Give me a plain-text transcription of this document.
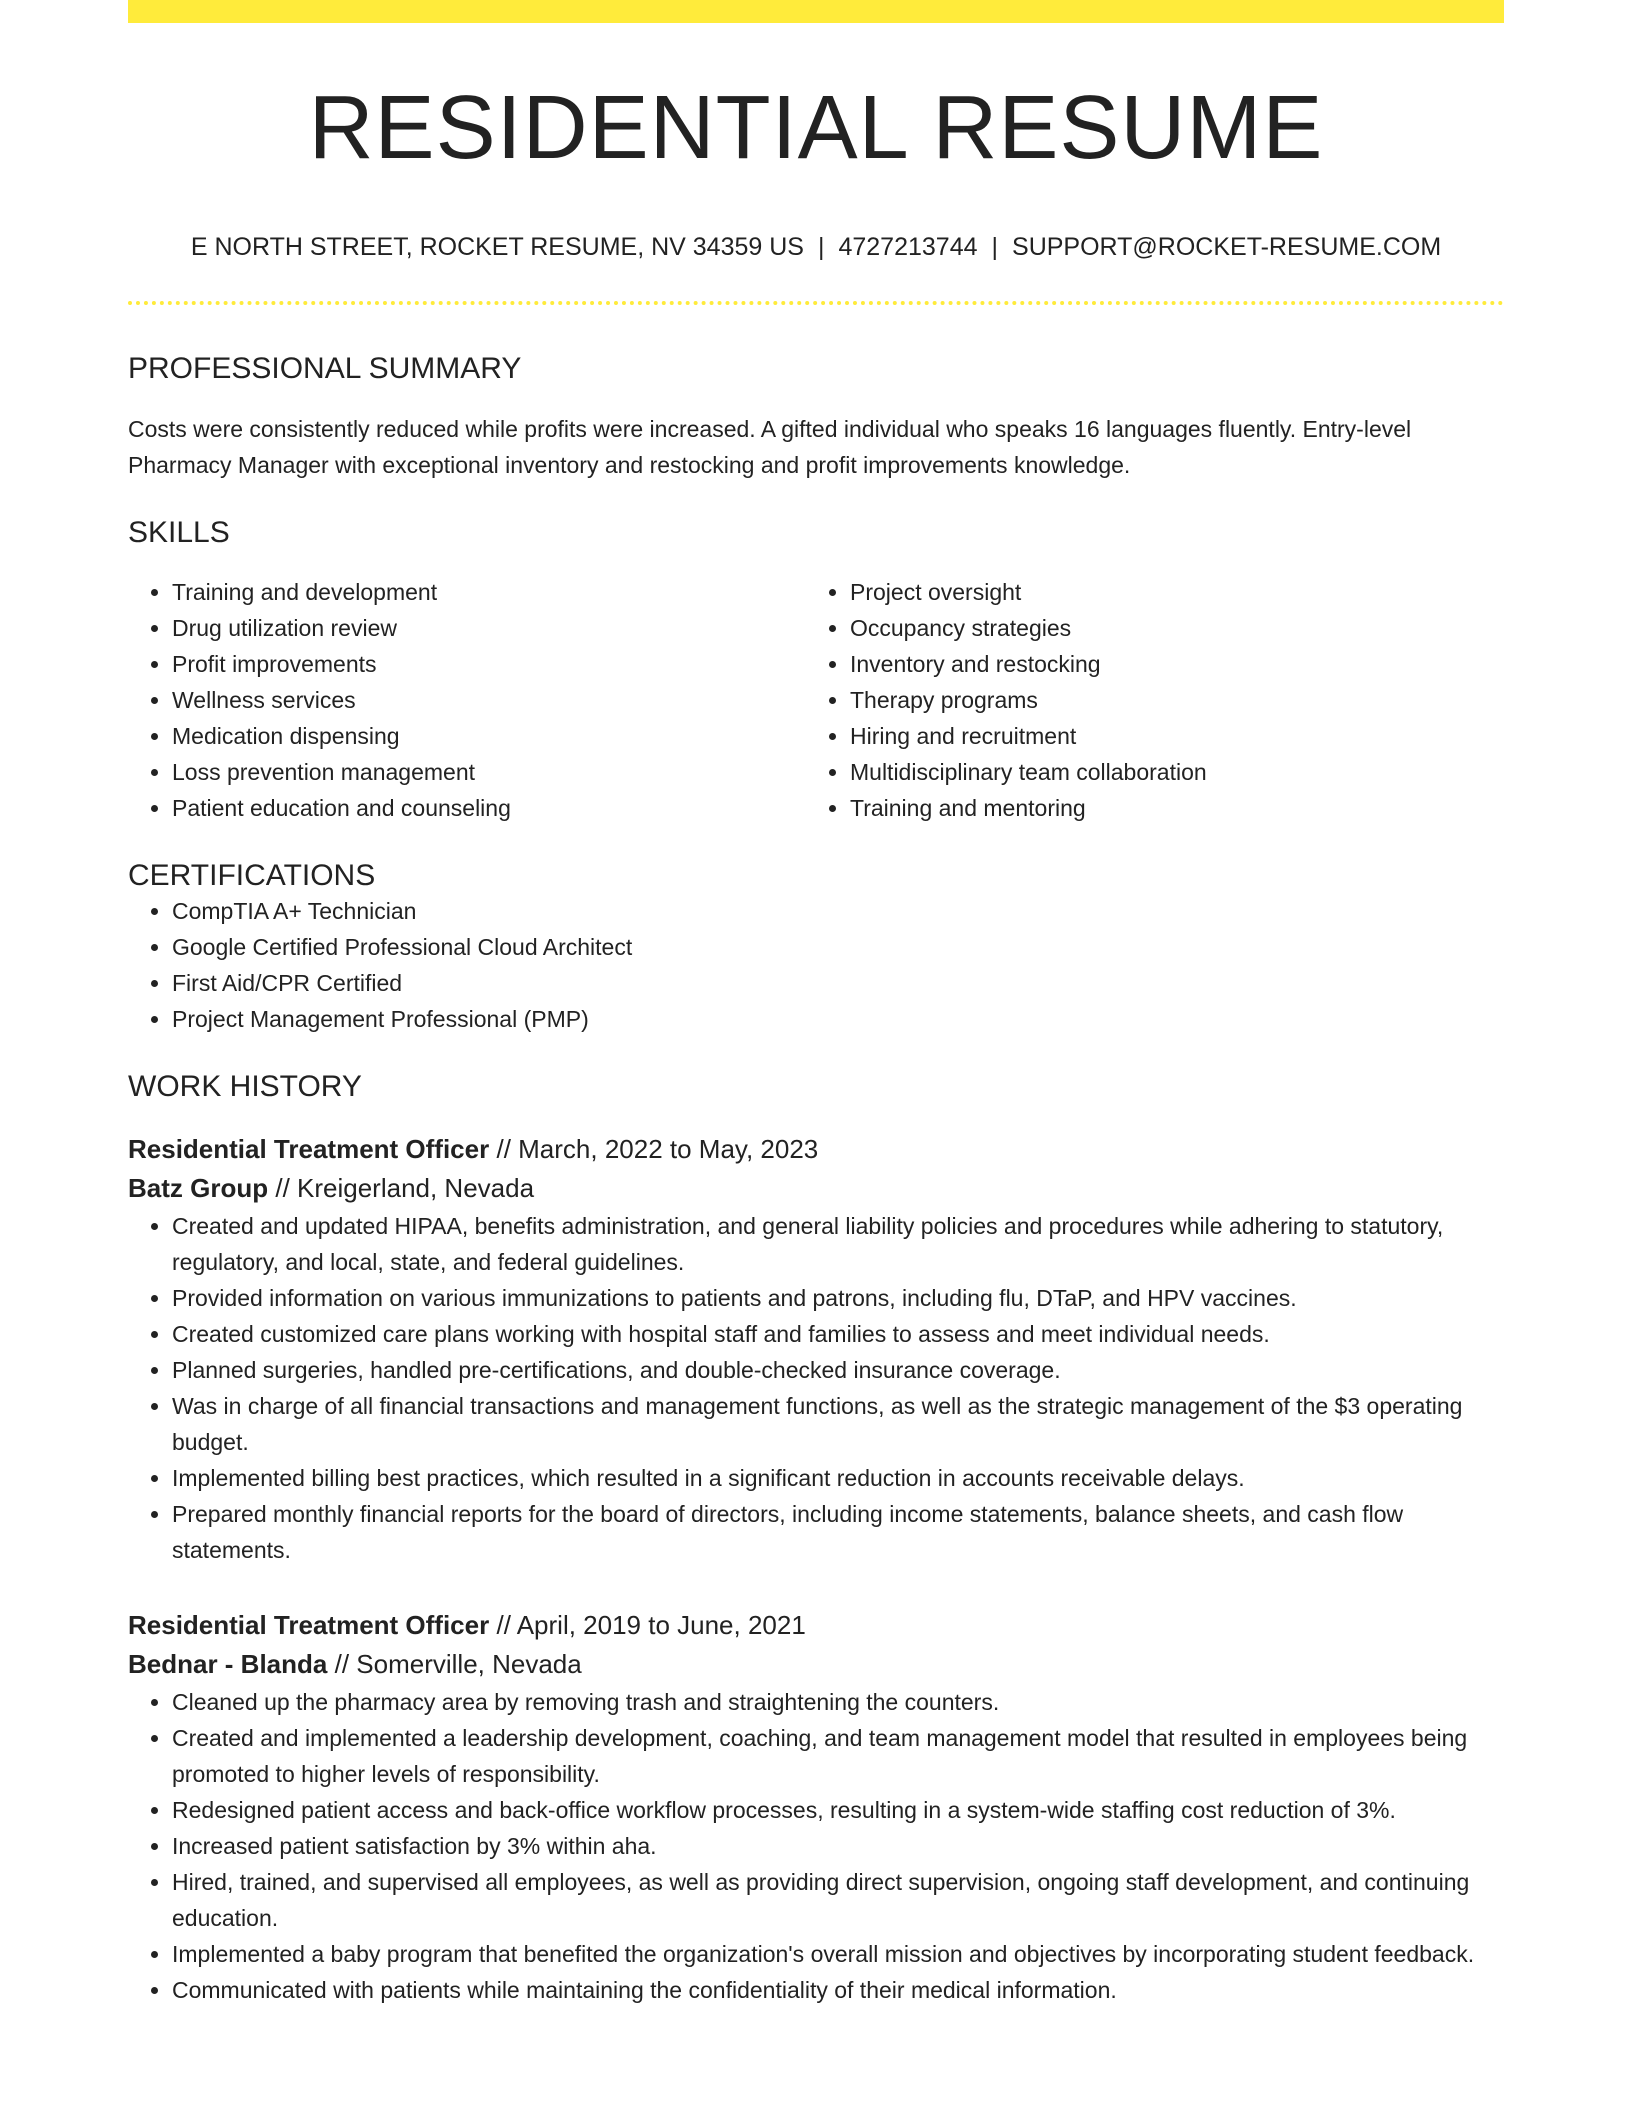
RESIDENTIAL RESUME
E NORTH STREET, ROCKET RESUME, NV 34359 US | 4727213744 | SUPPORT@ROCKET-RESUME.COM
PROFESSIONAL SUMMARY
Costs were consistently reduced while profits were increased. A gifted individual who speaks 16 languages fluently. Entry-level Pharmacy Manager with exceptional inventory and restocking and profit improvements knowledge.
SKILLS
• Training and development
• Drug utilization review
• Profit improvements
• Wellness services
• Medication dispensing
• Loss prevention management
• Patient education and counseling
• Project oversight
• Occupancy strategies
• Inventory and restocking
• Therapy programs
• Hiring and recruitment
• Multidisciplinary team collaboration
• Training and mentoring
CERTIFICATIONS
• CompTIA A+ Technician
• Google Certified Professional Cloud Architect
• First Aid/CPR Certified
• Project Management Professional (PMP)
WORK HISTORY
Residential Treatment Officer // March, 2022 to May, 2023
Batz Group // Kreigerland, Nevada
• Created and updated HIPAA, benefits administration, and general liability policies and procedures while adhering to statutory, regulatory, and local, state, and federal guidelines.
• Provided information on various immunizations to patients and patrons, including flu, DTaP, and HPV vaccines.
• Created customized care plans working with hospital staff and families to assess and meet individual needs.
• Planned surgeries, handled pre-certifications, and double-checked insurance coverage.
• Was in charge of all financial transactions and management functions, as well as the strategic management of the $3 operating budget.
• Implemented billing best practices, which resulted in a significant reduction in accounts receivable delays.
• Prepared monthly financial reports for the board of directors, including income statements, balance sheets, and cash flow statements.
Residential Treatment Officer // April, 2019 to June, 2021
Bednar - Blanda // Somerville, Nevada
• Cleaned up the pharmacy area by removing trash and straightening the counters.
• Created and implemented a leadership development, coaching, and team management model that resulted in employees being promoted to higher levels of responsibility.
• Redesigned patient access and back-office workflow processes, resulting in a system-wide staffing cost reduction of 3%.
• Increased patient satisfaction by 3% within aha.
• Hired, trained, and supervised all employees, as well as providing direct supervision, ongoing staff development, and continuing education.
• Implemented a baby program that benefited the organization's overall mission and objectives by incorporating student feedback.
• Communicated with patients while maintaining the confidentiality of their medical information.
